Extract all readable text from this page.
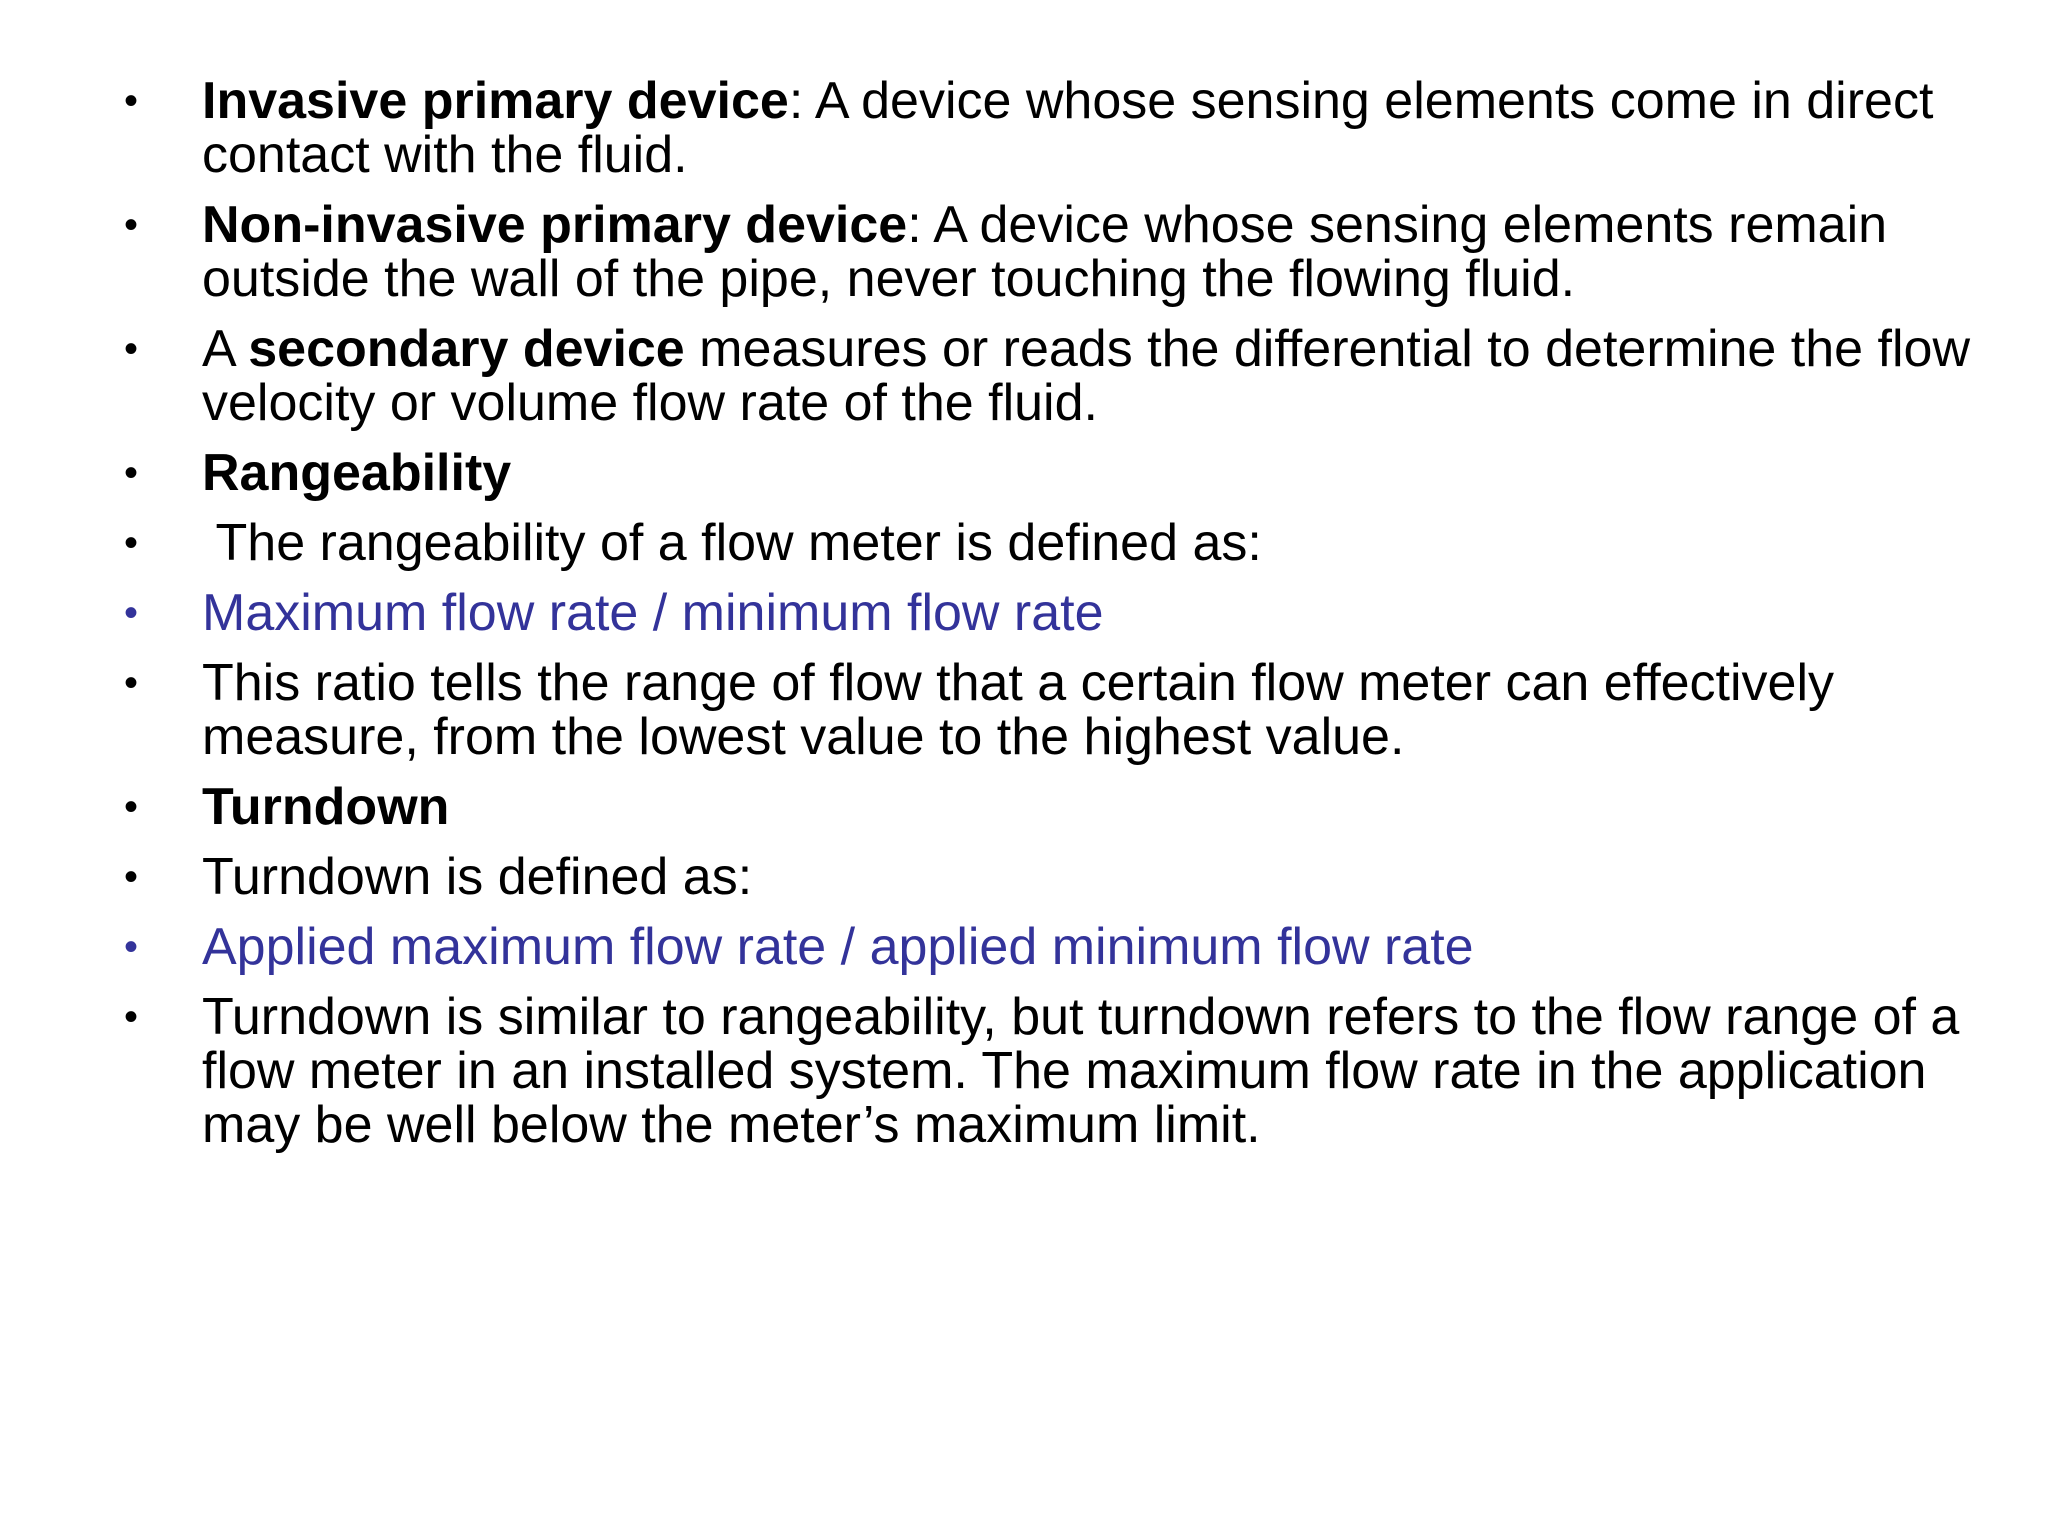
• Invasive primary device: A device whose sensing elements come in direct contact with the fluid.
• Non-invasive primary device: A device whose sensing elements remain outside the wall of the pipe, never touching the flowing fluid.
• A secondary device measures or reads the differential to determine the flow velocity or volume flow rate of the fluid.
• Rangeability
• The rangeability of a flow meter is defined as:
• Maximum flow rate / minimum flow rate
• This ratio tells the range of flow that a certain flow meter can effectively measure, from the lowest value to the highest value.
• Turndown
• Turndown is defined as:
• Applied maximum flow rate / applied minimum flow rate
• Turndown is similar to rangeability, but turndown refers to the flow range of a flow meter in an installed system. The maximum flow rate in the application may be well below the meter’s maximum limit.
